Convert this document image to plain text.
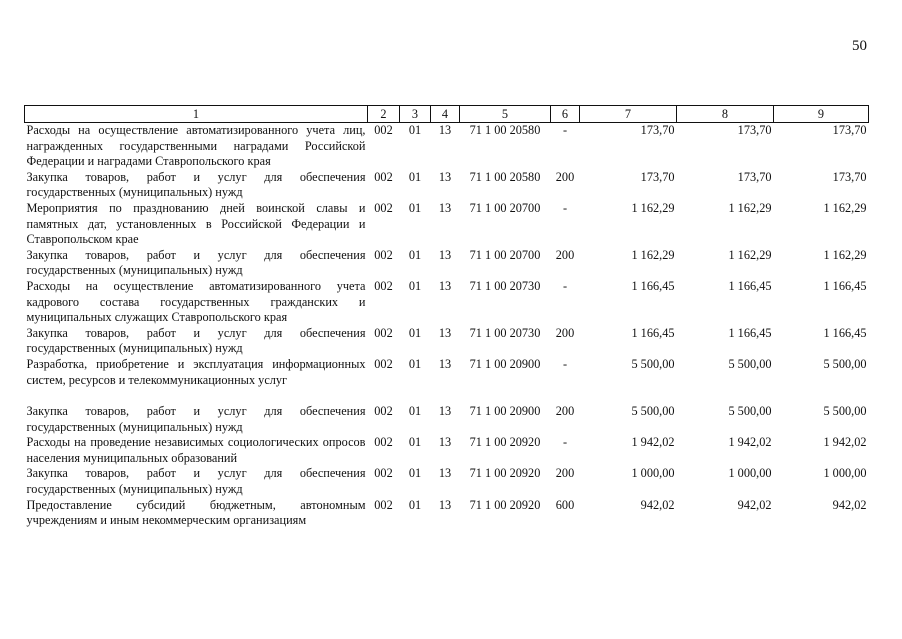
50
1	2	3	4	5	6	7	8	9
Расходы на осуществление автоматизированного учета лиц, награжденных государственными наградами Российской Федерации и наградами Ставропольского края	002	01	13	71 1 00 20580	-	173,70	173,70	173,70
Закупка товаров, работ и услуг для обеспечения государственных (муниципальных) нужд	002	01	13	71 1 00 20580	200	173,70	173,70	173,70
Мероприятия по празднованию дней воинской славы и памятных дат, установленных в Российской Федерации и Ставропольском крае	002	01	13	71 1 00 20700	-	1 162,29	1 162,29	1 162,29
Закупка товаров, работ и услуг для обеспечения государственных (муниципальных) нужд	002	01	13	71 1 00 20700	200	1 162,29	1 162,29	1 162,29
Расходы на осуществление автоматизированного учета кадрового состава государственных гражданских и муниципальных служащих Ставропольского края	002	01	13	71 1 00 20730	-	1 166,45	1 166,45	1 166,45
Закупка товаров, работ и услуг для обеспечения государственных (муниципальных) нужд	002	01	13	71 1 00 20730	200	1 166,45	1 166,45	1 166,45
Разработка, приобретение и эксплуатация информационных систем, ресурсов и телекоммуникационных услуг	002	01	13	71 1 00 20900	-	5 500,00	5 500,00	5 500,00
Закупка товаров, работ и услуг для обеспечения государственных (муниципальных) нужд	002	01	13	71 1 00 20900	200	5 500,00	5 500,00	5 500,00
Расходы на проведение независимых социологических опросов населения муниципальных образований	002	01	13	71 1 00 20920	-	1 942,02	1 942,02	1 942,02
Закупка товаров, работ и услуг для обеспечения государственных (муниципальных) нужд	002	01	13	71 1 00 20920	200	1 000,00	1 000,00	1 000,00
Предоставление субсидий бюджетным, автономным учреждениям и иным некоммерческим организациям	002	01	13	71 1 00 20920	600	942,02	942,02	942,02
